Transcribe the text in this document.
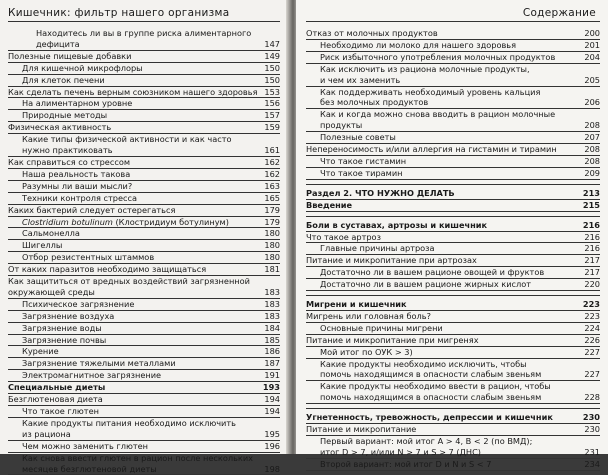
Кишечник: фильтр нашего организма
Находитесь ли вы в группе риска алиментарного
дефицита	147
Полезные пищевые добавки	149
Для кишечной микрофлоры	150
Для клеток печени	150
Как сделать печень верным союзником нашего здоровья 153
На алиментарном уровне	156
Природные методы	157
Физическая активность	159
Какие типы физической активности и как часто
нужно практиковать	161
Как справиться со стрессом	162
Наша реальность такова	162
Разумны ли ваши мысли?	163
Техники контроля стресса	165
Каких бактерий следует остерегаться	179
Clostridium botulinum (Клостридиум ботулинум)	179
Сальмонелла	180
Шигеллы	180
Отбор резистентных штаммов	180
От каких паразитов необходимо защищаться	181
Как защититься от вредных воздействий загрязненной
окружающей среды	183
Психическое загрязнение	183
Загрязнение воздуха	183
Загрязнение воды	184
Загрязнение почвы	185
Курение	186
Загрязнение тяжелыми металлами	187
Электромагнитное загрязнение	191
Специальные диеты	193
Безглютеновая диета	194
Что такое глютен	194
Какие продукты питания необходимо исключить
из рациона	195
Чем можно заменить глютен	196
Как снова ввести глютен в рацион после нескольких
месяцев безглютеновой диеты	198
Содержание
Отказ от молочных продуктов	200
Необходимо ли молоко для нашего здоровья	201
Риск избыточного употребления молочных продуктов	204
Как исключить из рациона молочные продукты,
и чем их заменить	205
Как поддерживать необходимый уровень кальция
без молочных продуктов	206
Как и когда можно снова вводить в рацион молочные
продукты	208
Полезные советы	207
Непереносимость и/или аллергия на гистамин и тирамин	208
Что такое гистамин	208
Что такое тирамин	209
Раздел 2. ЧТО НУЖНО ДЕЛАТЬ	213
Введение	215
Боли в суставах, артрозы и кишечник	216
Что такое артроз	216
Главные причины артроза	216
Питание и микропитание при артрозах	217
Достаточно ли в вашем рационе овощей и фруктов	217
Достаточно ли в вашем рационе жирных кислот	220
Мигрени и кишечник	223
Мигрень или головная боль?	223
Основные причины мигрени	224
Питание и микропитание при мигренях	226
Мой итог по ОУК > 3)	227
Какие продукты необходимо исключить, чтобы
помочь находящимся в опасности слабым звеньям	227
Какие продукты необходимо ввести в рацион, чтобы
помочь находящимся в опасности слабым звеньям	228
Угнетенность, тревожность, депрессии и кишечник	230
Питание и микропитание	230
Первый вариант: мой итог А > 4, В < 2 (по ВМД);
итог D > 7, и/или N > 7 и S > 7 (ДНС)	231
Второй вариант: мой итог D и N и S < 7	234
